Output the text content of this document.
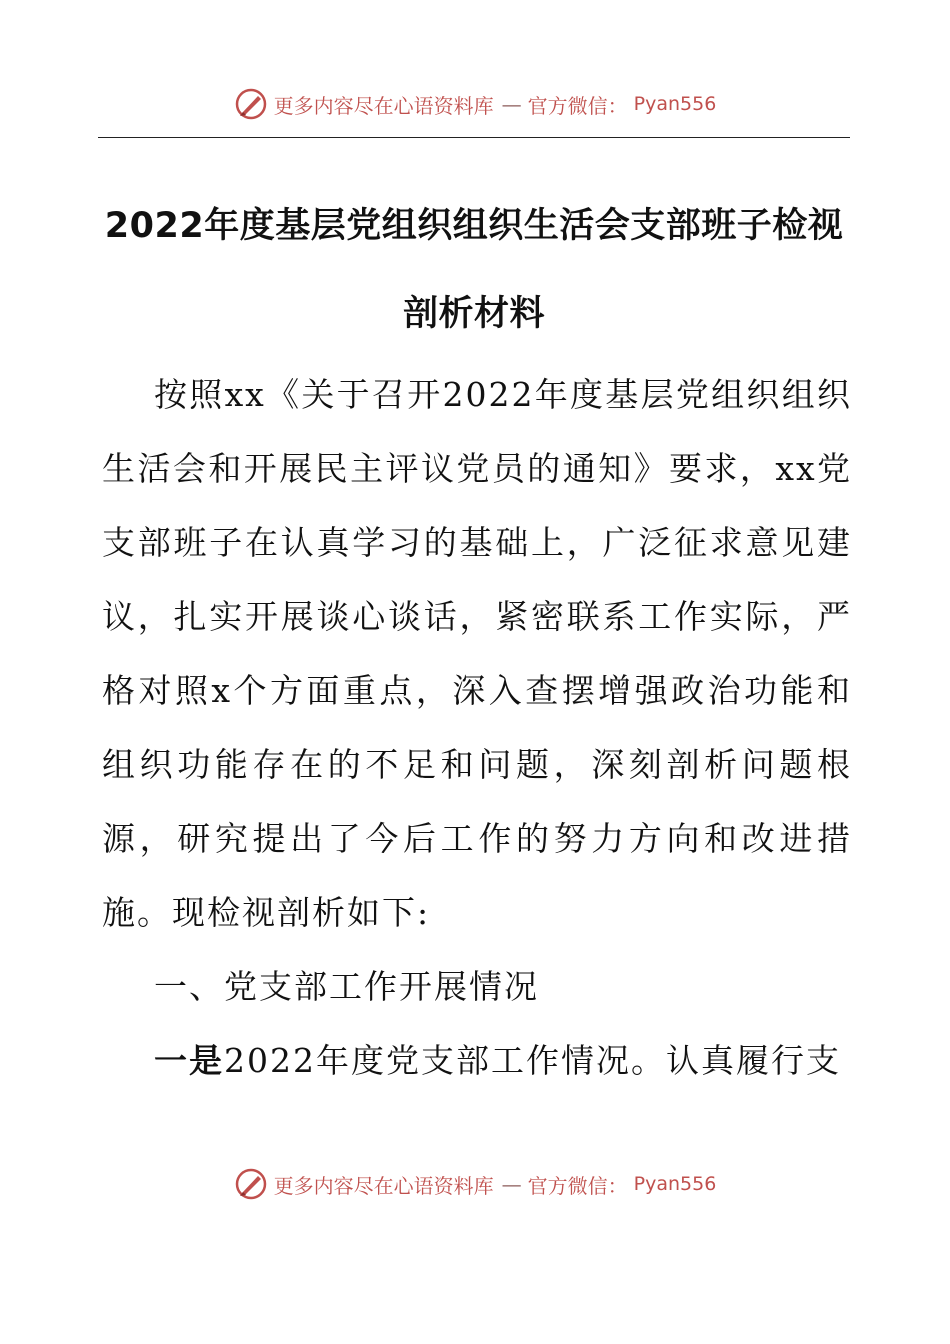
更多内容尽在心语资料库 — 官方微信： Pyan556
2022年度基层党组织组织生活会支部班子检视剖析材料

按照xx《关于召开2022年度基层党组织组织生活会和开展民主评议党员的通知》要求，xx党支部班子在认真学习的基础上，广泛征求意见建议，扎实开展谈心谈话，紧密联系工作实际，严格对照x个方面重点，深入查摆增强政治功能和组织功能存在的不足和问题，深刻剖析问题根源，研究提出了今后工作的努力方向和改进措施。现检视剖析如下:

一、党支部工作开展情况

一是2022年度党支部工作情况。认真履行支

更多内容尽在心语资料库 — 官方微信： Pyan556
